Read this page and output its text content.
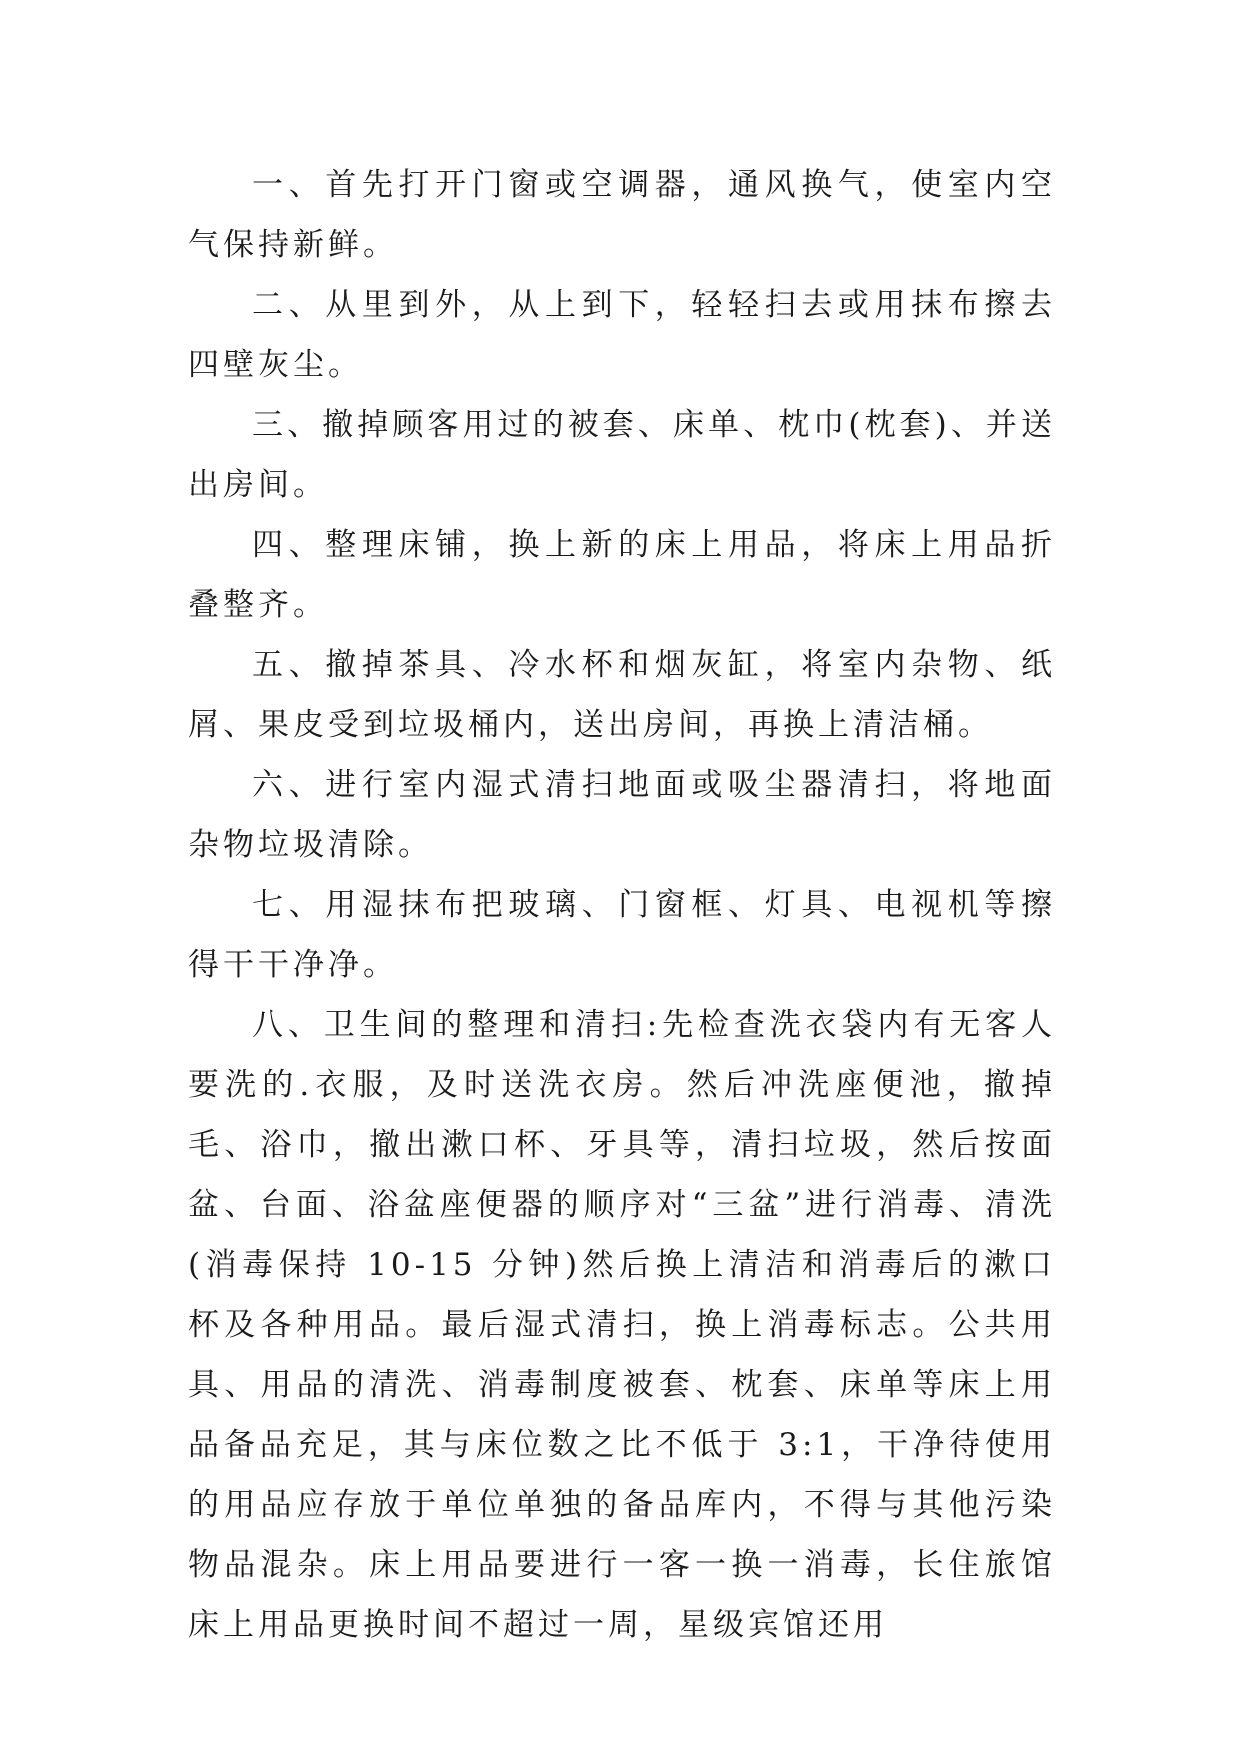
一、首先打开门窗或空调器，通风换气，使室内空气保持新鲜。

二、从里到外，从上到下，轻轻扫去或用抹布擦去四壁灰尘。

三、撤掉顾客用过的被套、床单、枕巾(枕套)、并送出房间。

四、整理床铺，换上新的床上用品，将床上用品折叠整齐。

五、撤掉茶具、冷水杯和烟灰缸，将室内杂物、纸屑、果皮受到垃圾桶内，送出房间，再换上清洁桶。

六、进行室内湿式清扫地面或吸尘器清扫，将地面杂物垃圾清除。

七、用湿抹布把玻璃、门窗框、灯具、电视机等擦得干干净净。

八、卫生间的整理和清扫:先检查洗衣袋内有无客人要洗的.衣服，及时送洗衣房。然后冲洗座便池，撤掉毛、浴巾，撤出漱口杯、牙具等，清扫垃圾，然后按面盆、台面、浴盆座便器的顺序对“三盆”进行消毒、清洗(消毒保持 10-15 分钟)然后换上清洁和消毒后的漱口杯及各种用品。最后湿式清扫，换上消毒标志。公共用具、用品的清洗、消毒制度被套、枕套、床单等床上用品备品充足，其与床位数之比不低于 3:1，干净待使用的用品应存放于单位单独的备品库内，不得与其他污染物品混杂。床上用品要进行一客一换一消毒，长住旅馆床上用品更换时间不超过一周，星级宾馆还用
